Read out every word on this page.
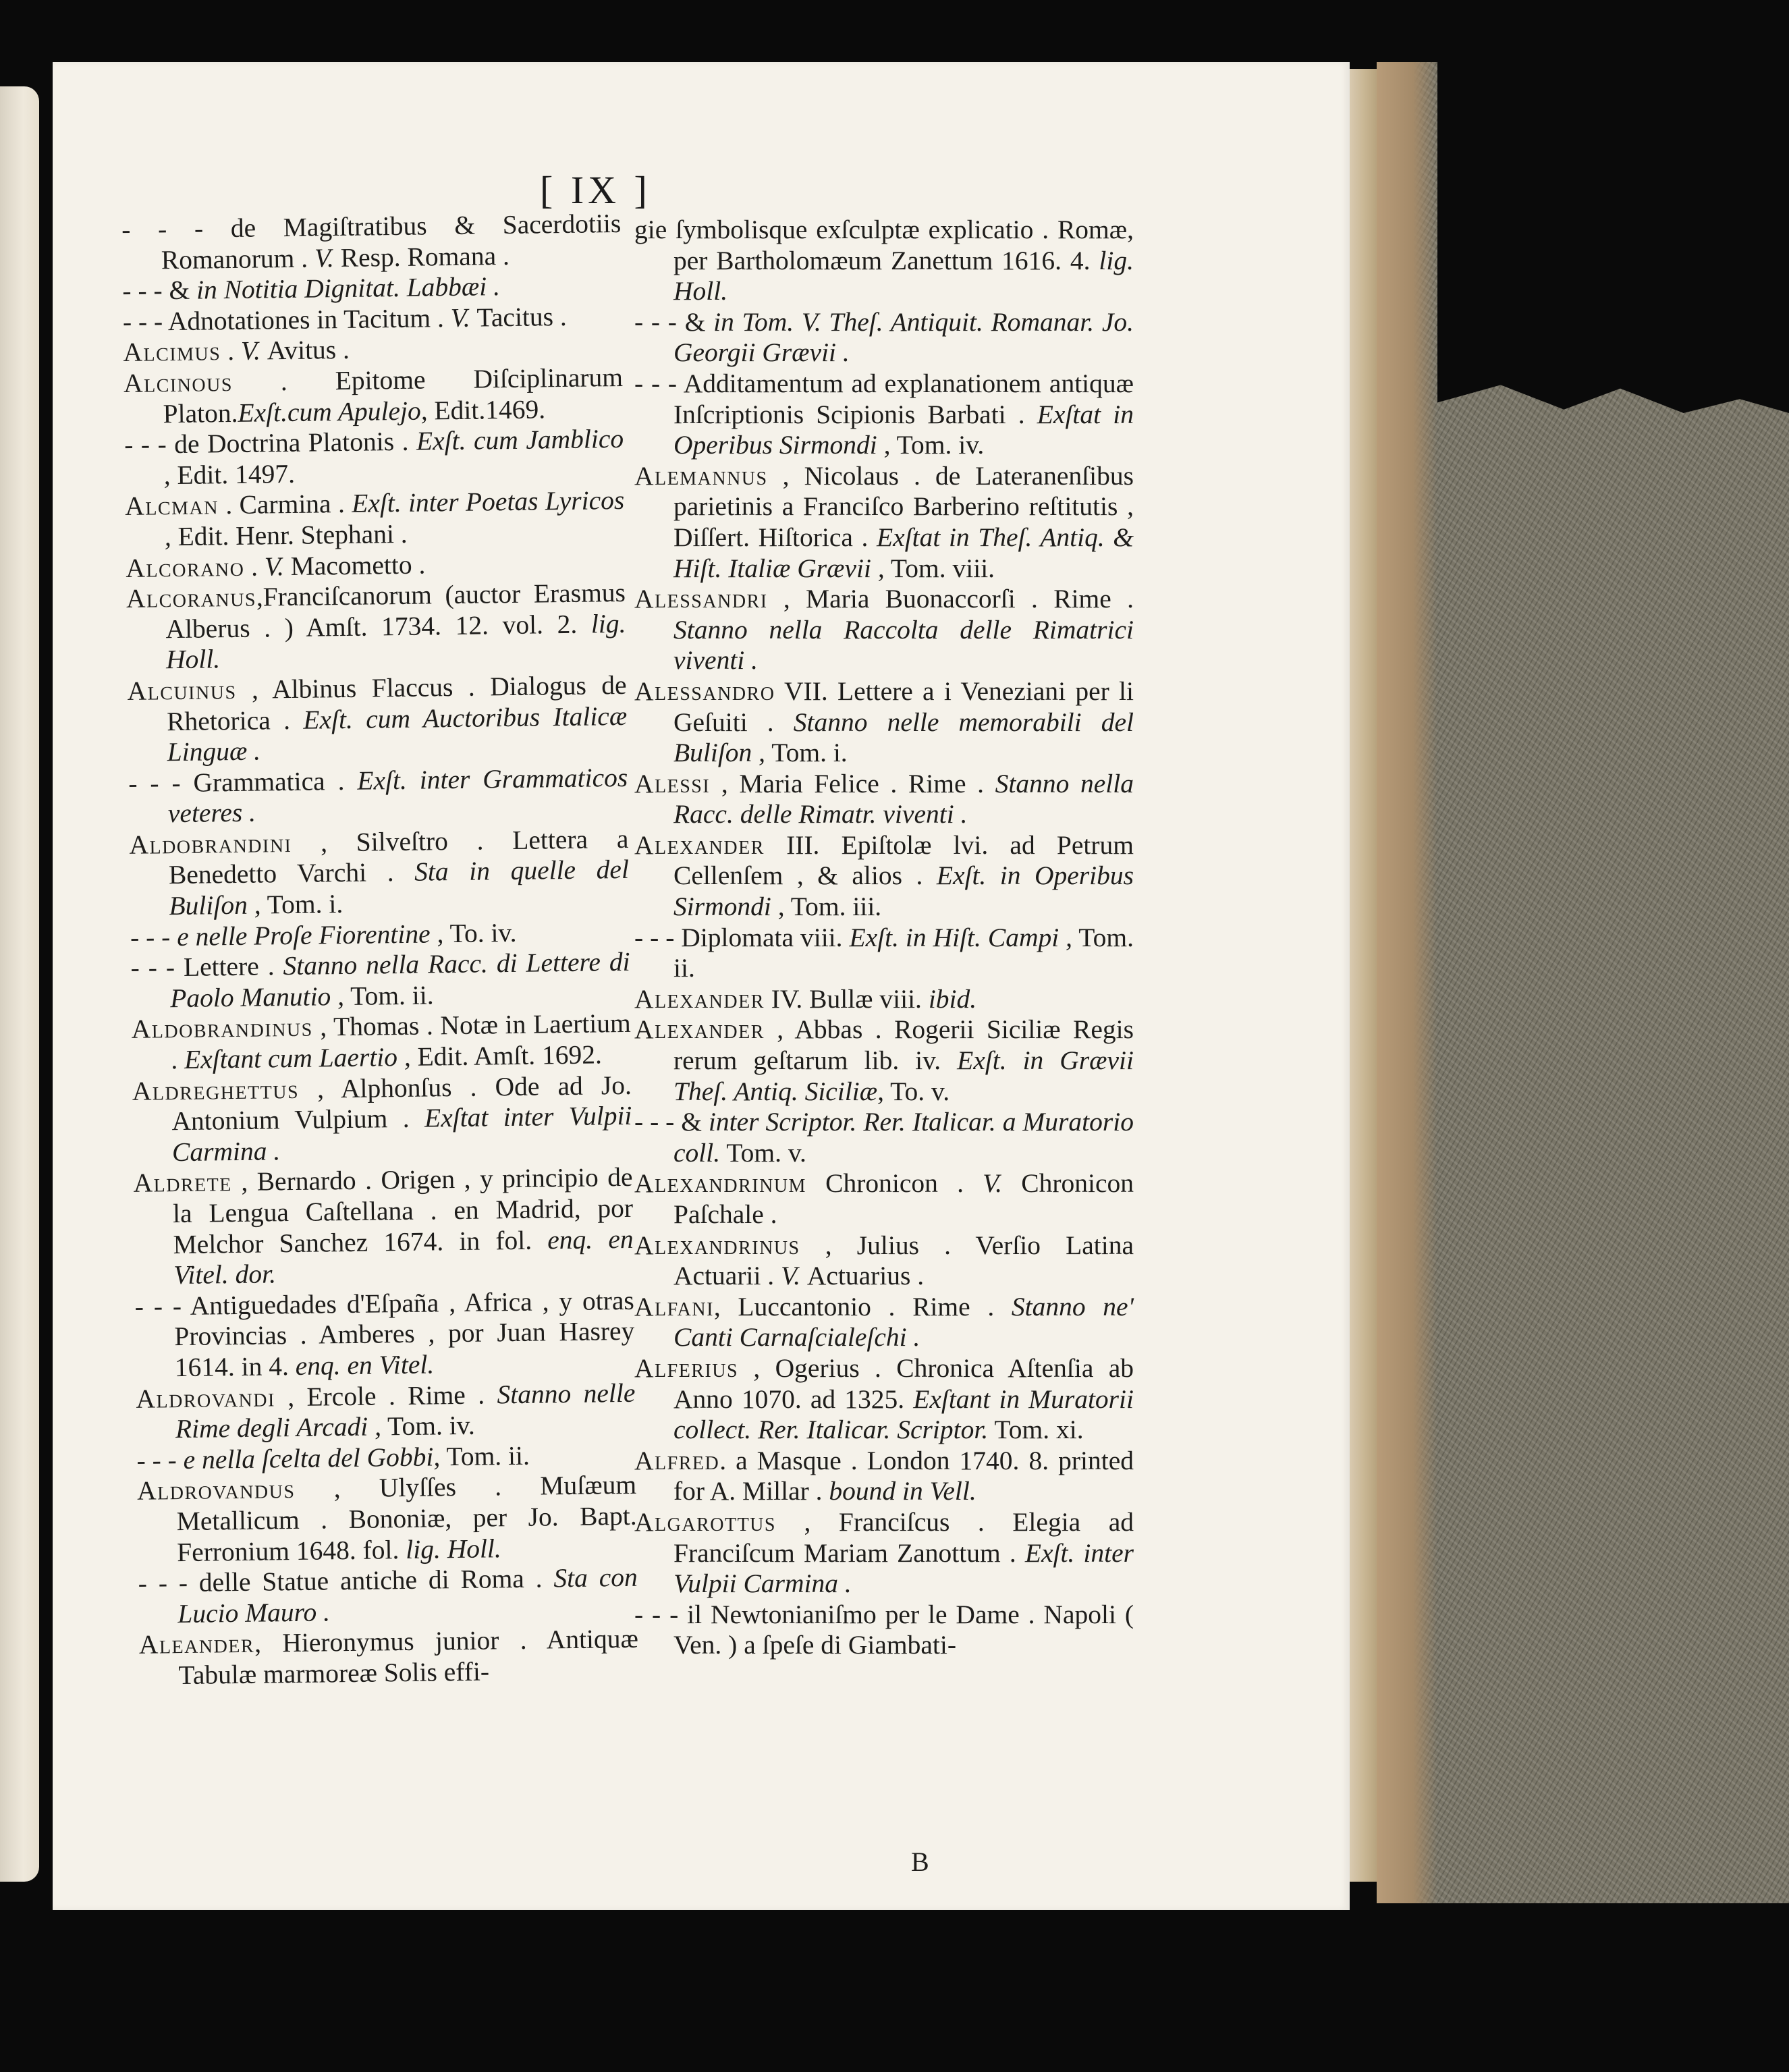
[ IX ]

- - - de Magiſtratibus & Sacerdotiis Romanorum . V. Resp. Romana .

- - - & in Notitia Dignitat. Labbæi .

- - - Adnotationes in Tacitum . V. Tacitus .

Alcimus . V. Avitus .

Alcinous . Epitome Diſciplinarum Platon.Exſt.cum Apulejo, Edit.1469.

- - - de Doctrina Platonis . Exſt. cum Jamblico , Edit. 1497.

Alcman . Carmina . Exſt. inter Poetas Lyricos , Edit. Henr. Stephani .

Alcorano . V. Macometto .

Alcoranus,Franciſcanorum (auctor Erasmus Alberus . ) Amſt. 1734. 12. vol. 2. lig. Holl.

Alcuinus , Albinus Flaccus . Dialogus de Rhetorica . Exſt. cum Auctoribus Italicæ Linguæ .

- - - Grammatica . Exſt. inter Grammaticos veteres .

Aldobrandini , Silveſtro . Lettera a Benedetto Varchi . Sta in quelle del Buliſon , Tom. i.

- - - e nelle Proſe Fiorentine , To. iv.

- - - Lettere . Stanno nella Racc. di Lettere di Paolo Manutio , Tom. ii.

Aldobrandinus , Thomas . Notæ in Laertium . Exſtant cum Laertio , Edit. Amſt. 1692.

Aldreghettus , Alphonſus . Ode ad Jo. Antonium Vulpium . Exſtat inter Vulpii Carmina .

Aldrete , Bernardo . Origen , y principio de la Lengua Caſtellana . en Madrid, por Melchor Sanchez 1674. in fol. enq. en Vitel. dor.

- - - Antiguedades d'Eſpaña , Africa , y otras Provincias . Amberes , por Juan Hasrey 1614. in 4. enq. en Vitel.

Aldrovandi , Ercole . Rime . Stanno nelle Rime degli Arcadi , Tom. iv.

- - - e nella ſcelta del Gobbi, Tom. ii.

Aldrovandus , Ulyſſes . Muſæum Metallicum . Bononiæ, per Jo. Bapt. Ferronium 1648. fol. lig. Holl.

- - - delle Statue antiche di Roma . Sta con Lucio Mauro .

Aleander, Hieronymus junior . Antiquæ Tabulæ marmoreæ Solis effi-

gie ſymbolisque exſculptæ explicatio . Romæ, per Bartholomæum Zanettum 1616. 4. lig. Holl.

- - - & in Tom. V. Theſ. Antiquit. Romanar. Jo. Georgii Grævii .

- - - Additamentum ad explanationem antiquæ Inſcriptionis Scipionis Barbati . Exſtat in Operibus Sirmondi , Tom. iv.

Alemannus , Nicolaus . de Lateranenſibus parietinis a Franciſco Barberino reſtitutis , Diſſert. Hiſtorica . Exſtat in Theſ. Antiq. & Hiſt. Italiæ Grævii , Tom. viii.

Alessandri , Maria Buonaccorſi . Rime . Stanno nella Raccolta delle Rimatrici viventi .

Alessandro VII. Lettere a i Veneziani per li Geſuiti . Stanno nelle memorabili del Buliſon , Tom. i.

Alessi , Maria Felice . Rime . Stanno nella Racc. delle Rimatr. viventi .

Alexander III. Epiſtolæ lvi. ad Petrum Cellenſem , & alios . Exſt. in Operibus Sirmondi , Tom. iii.

- - - Diplomata viii. Exſt. in Hiſt. Campi , Tom. ii.

Alexander IV. Bullæ viii. ibid.

Alexander , Abbas . Rogerii Siciliæ Regis rerum geſtarum lib. iv. Exſt. in Grævii Theſ. Antiq. Siciliæ, To. v.

- - - & inter Scriptor. Rer. Italicar. a Muratorio coll. Tom. v.

Alexandrinum Chronicon . V. Chronicon Paſchale .

Alexandrinus , Julius . Verſio Latina Actuarii . V. Actuarius .

Alfani, Luccantonio . Rime . Stanno ne' Canti Carnaſcialeſchi .

Alferius , Ogerius . Chronica Aſtenſia ab Anno 1070. ad 1325. Exſtant in Muratorii collect. Rer. Italicar. Scriptor. Tom. xi.

Alfred. a Masque . London 1740. 8. printed for A. Millar . bound in Vell.

Algarottus , Franciſcus . Elegia ad Franciſcum Mariam Zanottum . Exſt. inter Vulpii Carmina .

- - - il Newtonianiſmo per le Dame . Napoli ( Ven. ) a ſpeſe di Giambati-

B
